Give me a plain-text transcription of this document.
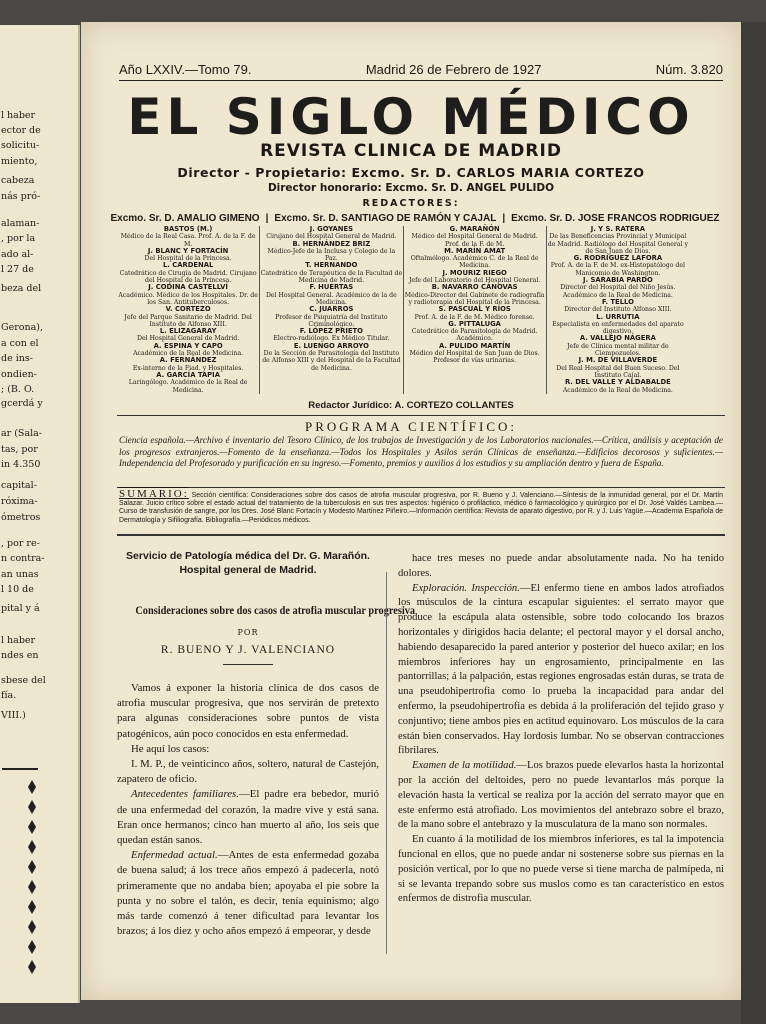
l haber
ector de
solicitu-
miento,
cabeza
nás pró-
alaman-
, por la
ado al-
l 27 de
beza del
Gerona),
a con el
de ins-
ondien-
; (B. O.
gcerdá y
ar (Sala-
tas, por
in 4.350
capital-
róxima-
ómetros
, por re-
n contra-
an unas
l 10 de
pital y á
l haber
ndes en
sbese del
fía.
VIII.)
Año LXXIV.—Tomo 79.	Madrid 26 de Febrero de 1927	Núm. 3.820
EL SIGLO MÉDICO
REVISTA CLINICA DE MADRID
Director - Propietario: Excmo. Sr. D. CARLOS MARIA CORTEZO
Director honorario: Excmo. Sr. D. ANGEL PULIDO
REDACTORES:
Excmo. Sr. D. AMALIO GIMENO | Excmo. Sr. D. SANTIAGO DE RAMÓN Y CAJAL | Excmo. Sr. D. JOSE FRANCOS RODRIGUEZ
BASTOS (M.)
Médico de la Real Casa. Prof. A. de la F. de M.
J. BLANC Y FORTACÍN
Del Hospital de la Princesa.
L. CARDENAL
Catedrático de Cirugía de Madrid. Cirujano del Hospital de la Princesa.
J. CODINA CASTELLVÍ
Académico. Médico de los Hospitales. Dr. de los San. Antituberculosos.
V. CORTEZO
Jefe del Parque Sanitario de Madrid. Del Instituto de Alfonso XIII.
L. ELIZAGARAY
Del Hospital General de Madrid.
A. ESPINA Y CAPO
Académico de la Real de Medicina.
A. FERNÁNDEZ
Ex-interno de la Fiad. y Hospitales.
A. GARCÍA TAPIA
Laringólogo. Académico de la Real de Medicina.
J. GOYANES
Cirujano del Hospital General de Madrid.
B. HERNÁNDEZ BRIZ
Médico-Jefe de la Inclusa y Colegio de la Paz.
T. HERNANDO
Catedrático de Terapéutica de la Facultad de Medicina de Madrid.
F. HUERTAS
Del Hospital General. Académico de la de Medicina.
C. JUARROS
Profesor de Psiquiatría del Instituto Criminológico.
F. LÓPEZ PRIETO
Electro-radiólogo. Ex Médico Titular.
E. LUENGO ARROYO
De la Sección de Parasitología del Instituto de Alfonso XIII y del Hospital de la Facultad de Medicina.
G. MARAÑÓN
Médico del Hospital General de Madrid. Prof. de la F. de M.
M. MARÍN AMAT
Oftalmólogo. Académico C. de la Real de Medicina.
J. MOURIZ RIEGO
Jefe del Laboratorio del Hospital General.
B. NAVARRO CÁNOVAS
Médico-Director del Gabinete de radiografía y radioterapia del Hospital de la Princesa.
S. PASCUAL Y RÍOS
Prof. A. de la F. de M. Médico forense.
G. PITTALUGA
Catedrático de Parasitología de Madrid. Académico.
A. PULIDO MARTÍN
Médico del Hospital de San Juan de Dios. Profesor de vías urinarias.
J. Y S. RATERA
De las Beneficencias Provincial y Municipal de Madrid. Radiólogo del Hospital General y de San Juan de Dios.
G. RODRÍGUEZ LAFORA
Prof. A. de la F. de M. ex-Histopatólogo del Manicomio de Washington.
J. SARABIA PARDO
Director del Hospital del Niño Jesús. Académico de la Real de Medicina.
F. TELLO
Director del Instituto Alfonso XIII.
L. URRUTIA
Especialista en enfermedades del aparato digestivo.
A. VALLEJO NÁGERA
Jefe de Clínica mental militar de Ciempozuelos.
J. M. DE VILLAVERDE
Del Real Hospital del Buen Suceso. Del Instituto Cajal.
R. DEL VALLE Y ALDABALDE
Académico de la Real de Medicina.
Redactor Jurídico: A. CORTEZO COLLANTES
PROGRAMA CIENTÍFICO:
Ciencia española.—Archivo é inventario del Tesoro Clínico, de los trabajos de Investigación y de los Laboratorios nacionales.—Crítica, análisis y aceptación de los progresos extranjeros.—Fomento de la enseñanza.—Todos los Hospitales y Asilos serán Clínicas de enseñanza.—Edificios decorosos y suficientes.—Independencia del Profesorado y purificación en su ingreso.—Fomento, premios y auxilios á los estudios y su ampliación dentro y fuera de España.
SUMARIO: Sección científica: Consideraciones sobre dos casos de atrofia muscular progresiva, por R. Bueno y J. Valenciano.—Síntesis de la inmunidad general, por el Dr. Martín Salazar. Juicio crítico sobre el estado actual del tratamiento de la tuberculosis en sus tres aspectos: higiénico ó profiláctico, médico ó farmacológico y quirúrgico por el Dr. José Valdés Lambea.—Curso de transfusión de sangre, por los Dres. José Blanc Fortacín y Modesto Martínez Piñeiro.—Información científica: Revista de aparato digestivo, por R. y J. Luis Yagüe.—Academia Española de Dermatología y Sifiliografía. Bibliografía.—Periódicos médicos.
Servicio de Patología médica del Dr. G. Marañón.
Hospital general de Madrid.
Consideraciones sobre dos casos de atrofia muscular progresiva
POR
R. BUENO Y J. VALENCIANO

Vamos á exponer la historia clínica de dos casos de atrofia muscular progresiva, que nos servirán de pretexto para algunas consideraciones sobre puntos de vista patogénicos, aún poco conocidos en esta enfermedad.

He aquí los casos:

I. M. P., de veinticinco años, soltero, natural de Castejón, zapatero de oficio.

Antecedentes familiares.—El padre era bebedor, murió de una enfermedad del corazón, la madre vive y está sana. Eran once hermanos; cinco han muerto al año, los seis que quedan están sanos.

Enfermedad actual.—Antes de esta enfermedad gozaba de buena salud; á los trece años empezó á padecerla, notó primeramente que no andaba bien; apoyaba el pie sobre la punta y no sobre el talón, es decir, tenía equinismo; algo más tarde comenzó á tener dificultad para levantar los brazos; á los diez y ocho años empezó á empeorar, y desde

hace tres meses no puede andar absolutamente nada. No ha tenido dolores.

Exploración. Inspección.—El enfermo tiene en ambos lados atrofiados los músculos de la cintura escapular siguientes: el serrato mayor que produce la escápula alata ostensible, sobre todo colocando los brazos horizontales y dirigidos hacia delante; el pectoral mayor y el dorsal ancho, habiendo desaparecido la pared anterior y posterior del hueco axilar; en los miembros inferiores hay un engrosamiento, principalmente en las pantorrillas; á la palpación, estas regiones engrosadas están duras, se trata de una pseudohipertrofia como lo prueba la incapacidad para andar del enfermo, la pseudohipertrofia es debida á la proliferación del tejido graso y conjuntivo; tiene ambos pies en actitud equinovaro. Los músculos de la cara están bien conservados. Hay lordosis lumbar. No se observan contracciones fibrilares.

Examen de la motilidad.—Los brazos puede elevarlos hasta la horizontal por la acción del deltoides, pero no puede levantarlos más porque la elevación hasta la vertical se realiza por la acción del serrato mayor que en este enfermo está atrofiado. Los movimientos del antebrazo sobre el brazo, de la mano sobre el antebrazo y la musculatura de la mano son normales.

En cuanto á la motilidad de los miembros inferiores, es tal la impotencia funcional en ellos, que no puede andar ni sostenerse sobre sus piernas en la posición vertical, por lo que no puede verse si tiene marcha de palmípeda, ni si se levanta trepando sobre sus muslos como es tan característico en estos enfermos de distrofia muscular.
